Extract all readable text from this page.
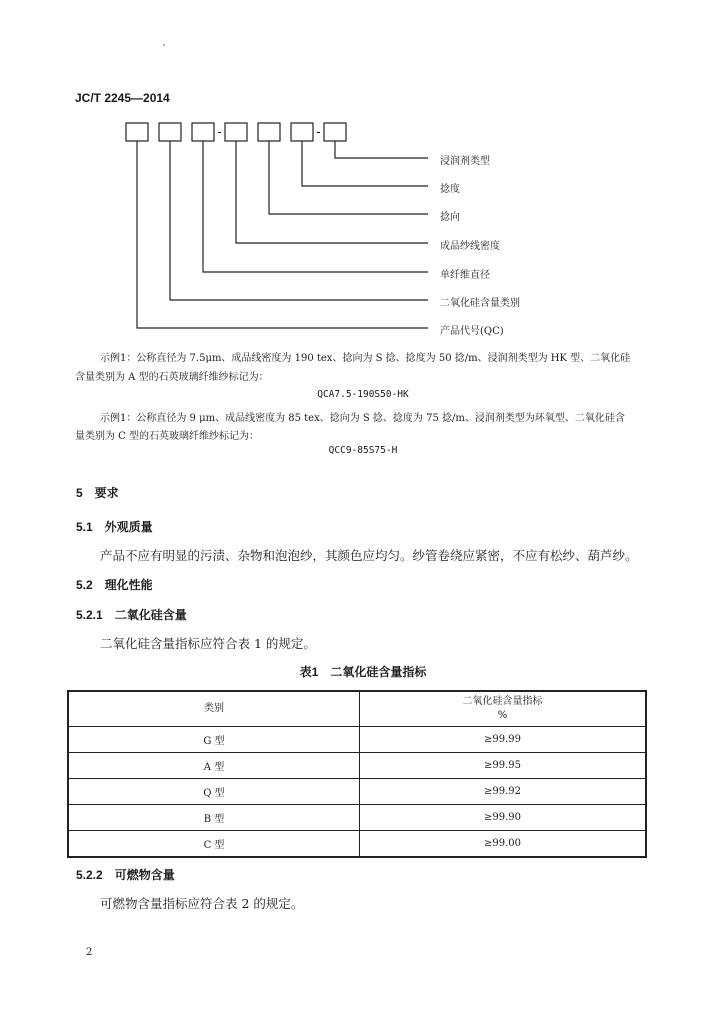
JC/T 2245—2014
-	-
浸润剂类型
捻度
捻向
成品纱线密度
单纤维直径
二氧化硅含量类别
产品代号(QC)
示例1：公称直径为 7.5μm、成品线密度为 190 tex、捻向为 S 捻、捻度为 50 捻/m、浸润剂类型为 HK 型、二氧化硅
含量类别为 A 型的石英玻璃纤维纱标记为：
QCA7.5-190S50-HK
示例1：公称直径为 9 μm、成品线密度为 85 tex、捻向为 S 捻、捻度为 75 捻/m、浸润剂类型为环氧型、二氧化硅含
量类别为 C 型的石英玻璃纤维纱标记为：
QCC9-85S75-H
5　要求
5.1　外观质量
产品不应有明显的污渍、杂物和泡泡纱，其颜色应均匀。纱管卷绕应紧密，不应有松纱、葫芦纱。
5.2　理化性能
5.2.1　二氧化硅含量
二氧化硅含量指标应符合表 1 的规定。
表1　二氧化硅含量指标
类别	二氧化硅含量指标
%

G 型	≥99.99
A 型	≥99.95
Q 型	≥99.92
B 型	≥99.90
C 型	≥99.00
5.2.2　可燃物含量
可燃物含量指标应符合表 2 的规定。
2
